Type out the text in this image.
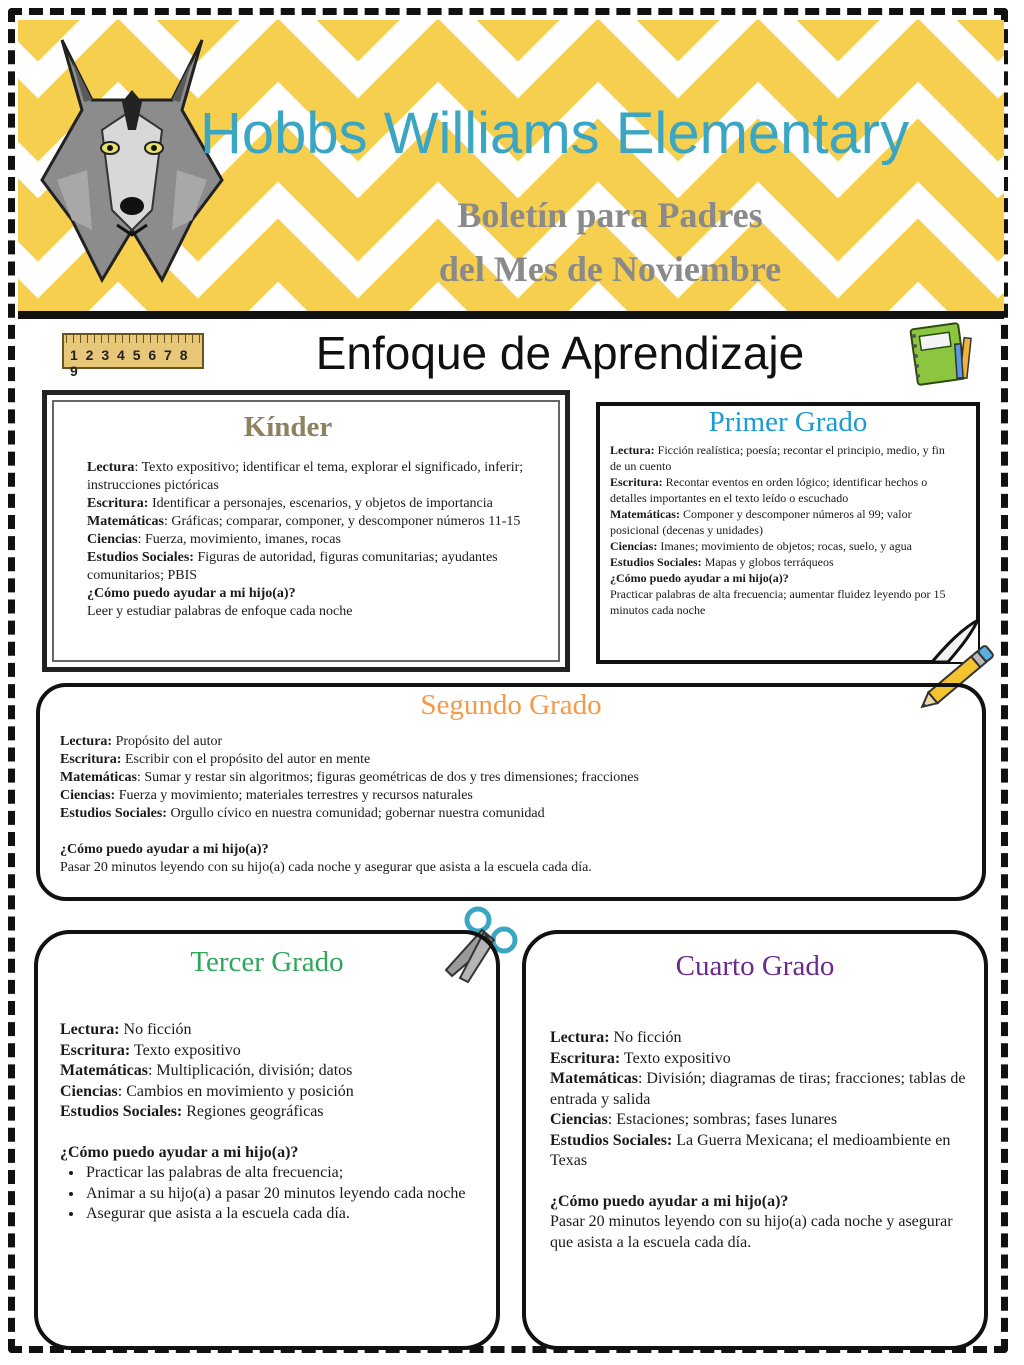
Hobbs Williams Elementary
Boletín para Padres
del Mes de Noviembre
1 2 3 4 5 6 7 8 9	Enfoque de Aprendizaje
Kínder

Lectura: Texto expositivo; identificar el tema, explorar el significado, inferir; instrucciones pictóricas

Escritura: Identificar a personajes, escenarios, y objetos de importancia

Matemáticas: Gráficas; comparar, componer, y descomponer números 11-15

Ciencias: Fuerza, movimiento, imanes, rocas

Estudios Sociales: Figuras de autoridad, figuras comunitarias; ayudantes comunitarios; PBIS

¿Cómo puedo ayudar a mi hijo(a)?

Leer y estudiar palabras de enfoque cada noche

Primer Grado

Lectura: Ficción realística; poesía; recontar el principio, medio, y fin de un cuento

Escritura: Recontar eventos en orden lógico; identificar hechos o detalles importantes en el texto leído o escuchado

Matemáticas: Componer y descomponer números al 99; valor posicional (decenas y unidades)

Ciencias: Imanes; movimiento de objetos; rocas, suelo, y agua

Estudios Sociales: Mapas y globos terráqueos

¿Cómo puedo ayudar a mi hijo(a)?

Practicar palabras de alta frecuencia; aumentar fluidez leyendo por 15 minutos cada noche

Segundo Grado

Lectura: Propósito del autor

Escritura: Escribir con el propósito del autor en mente

Matemáticas: Sumar y restar sin algoritmos; figuras geométricas de dos y tres dimensiones; fracciones

Ciencias: Fuerza y movimiento; materiales terrestres y recursos naturales

Estudios Sociales: Orgullo cívico en nuestra comunidad; gobernar nuestra comunidad

¿Cómo puedo ayudar a mi hijo(a)?

Pasar 20 minutos leyendo con su hijo(a) cada noche y asegurar que asista a la escuela cada día.

Tercer Grado

Lectura: No ficción

Escritura: Texto expositivo

Matemáticas: Multiplicación, división; datos

Ciencias: Cambios en movimiento y posición

Estudios Sociales: Regiones geográficas

¿Cómo puedo ayudar a mi hijo(a)?

• Practicar las palabras de alta frecuencia;
• Animar a su hijo(a) a pasar 20 minutos leyendo cada noche
• Asegurar que asista a la escuela cada día.
Cuarto Grado

Lectura: No ficción

Escritura: Texto expositivo

Matemáticas: División; diagramas de tiras; fracciones; tablas de entrada y salida

Ciencias: Estaciones; sombras; fases lunares

Estudios Sociales: La Guerra Mexicana; el medioambiente en Texas

¿Cómo puedo ayudar a mi hijo(a)?

Pasar 20 minutos leyendo con su hijo(a) cada noche y asegurar que asista a la escuela cada día.
